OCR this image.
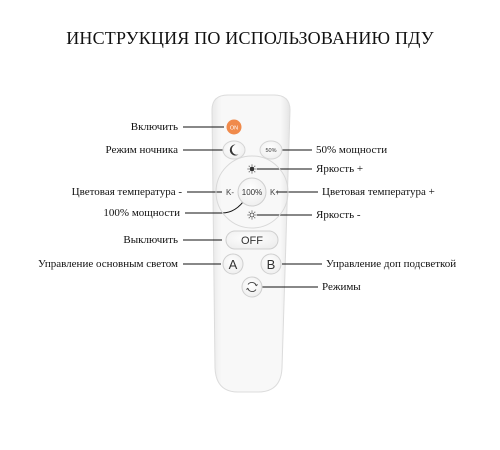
ИНСТРУКЦИЯ ПО ИСПОЛЬЗОВАНИЮ ПДУ
ON
50%
K-	K+
100%
OFF
A B
Включить
Режим ночника	50% мощности
Яркость +
Цветовая температура -	Цветовая температура +
100% мощности	Яркость -
Выключить
Управление основным светом	Управление доп подсветкой
Режимы
